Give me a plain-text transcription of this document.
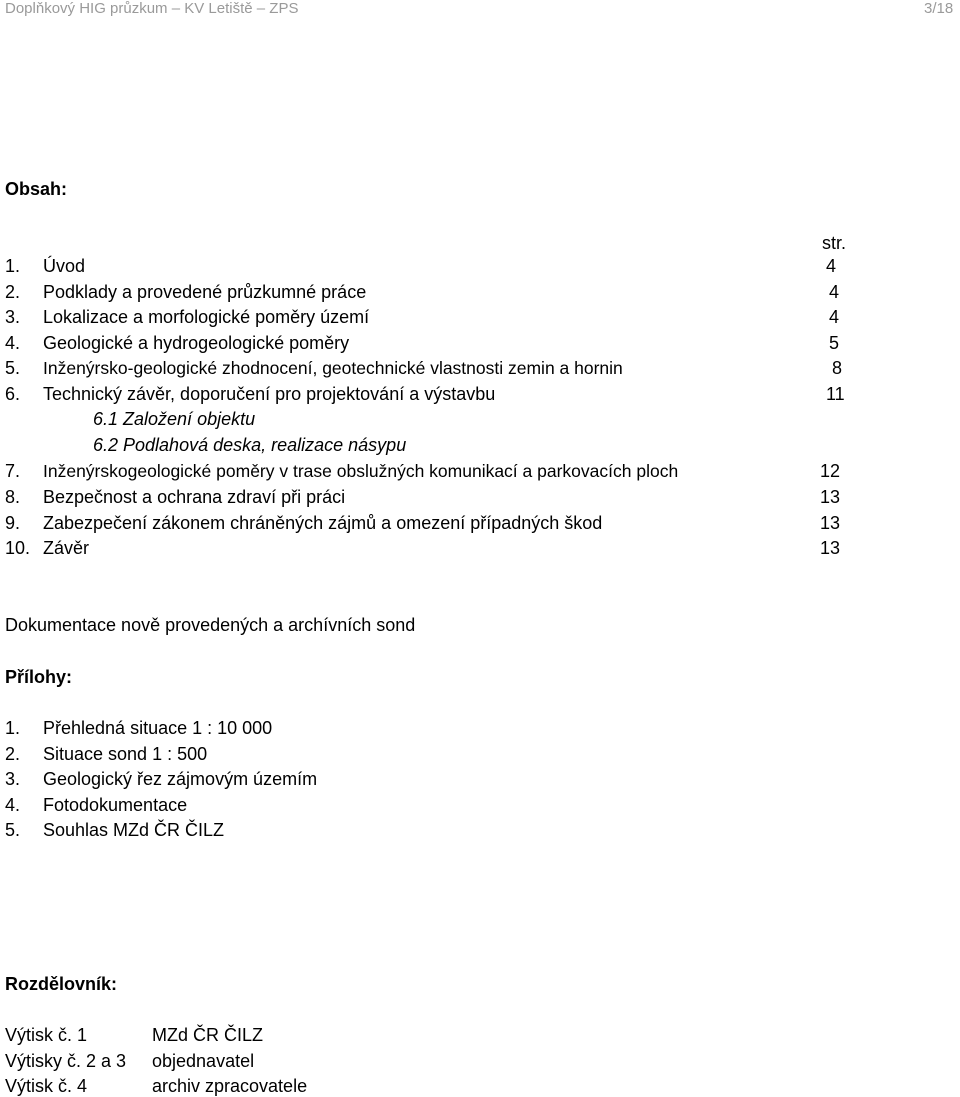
Doplňkový HIG průzkum – KV Letiště – ZPS	3/18
Obsah:
str.
1. Úvod	4
2. Podklady a provedené průzkumné práce	4
3. Lokalizace a morfologické poměry území	4
4. Geologické a hydrogeologické poměry	5
5. Inženýrsko-geologické zhodnocení, geotechnické vlastnosti zemin a hornin	8
6. Technický závěr, doporučení pro projektování a výstavbu	11
6.1 Založení objektu
6.2 Podlahová deska, realizace násypu
7. Inženýrskogeologické poměry v trase obslužných komunikací a parkovacích ploch	12
8. Bezpečnost a ochrana zdraví při práci	13
9. Zabezpečení zákonem chráněných zájmů a omezení případných škod	13
10. Závěr	13
Dokumentace nově provedených a archívních sond
Přílohy:
1. Přehledná situace 1 : 10 000
2. Situace sond 1 : 500
3. Geologický řez zájmovým územím
4. Fotodokumentace
5. Souhlas MZd ČR ČILZ
Rozdělovník:
Výtisk č. 1	MZd ČR ČILZ
Výtisky č. 2 a 3 objednavatel
Výtisk č. 4	archiv zpracovatele
